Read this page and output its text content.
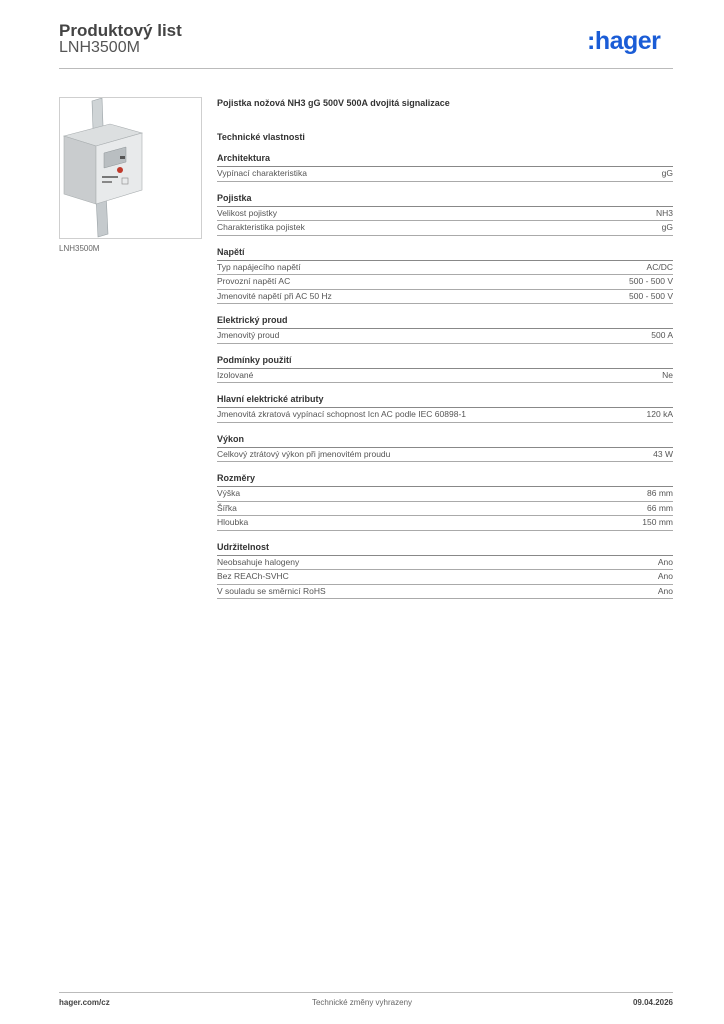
Produktový list
LNH3500M	:hager
LNH3500M
Pojistka nožová NH3 gG 500V 500A dvojitá signalizace
Technické vlastnosti
Architektura
Vypínací charakteristika	gG
Pojistka
Velikost pojistky	NH3
Charakteristika pojistek	gG
Napětí
Typ napájecího napětí	AC/DC
Provozní napětí AC	500 - 500 V
Jmenovité napětí při AC 50 Hz	500 - 500 V
Elektrický proud
Jmenovitý proud	500 A
Podmínky použití
Izolované	Ne
Hlavní elektrické atributy
Jmenovitá zkratová vypínací schopnost Icn AC podle IEC 60898-1	120 kA
Výkon
Celkový ztrátový výkon při jmenovitém proudu	43 W
Rozměry
Výška	86 mm
Šířka	66 mm
Hloubka	150 mm
Udržitelnost
Neobsahuje halogeny	Ano
Bez REACh-SVHC	Ano
V souladu se směrnicí RoHS	Ano
hager.com/cz	Technické změny vyhrazeny	09.04.2026
